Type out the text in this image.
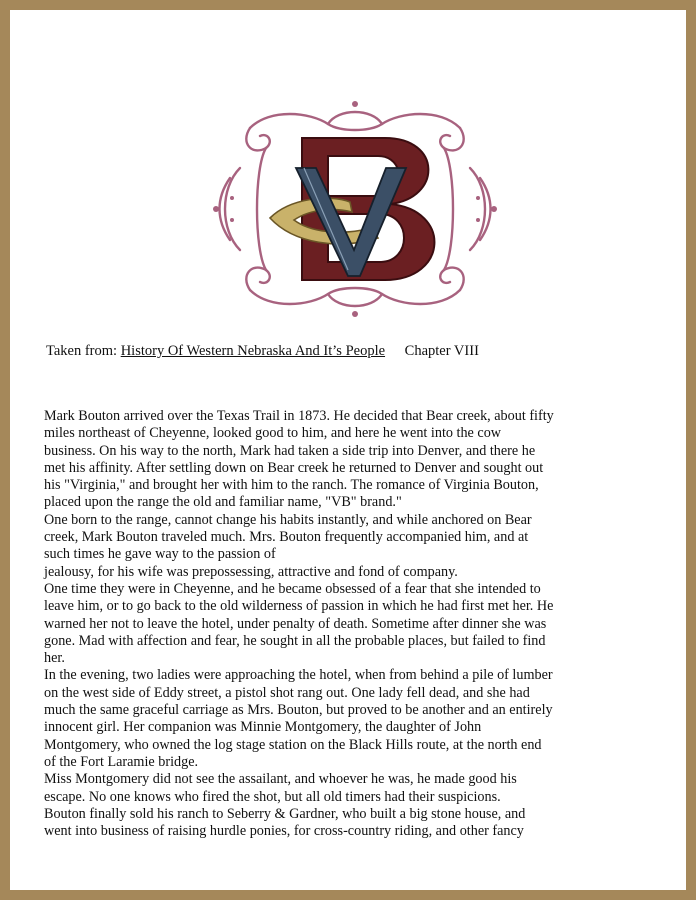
Taken from: History Of Western Nebraska And It’s People Chapter VIII
Mark Bouton arrived over the Texas Trail in 1873. He decided that Bear creek, about fifty
miles northeast of Cheyenne, looked good to him, and here he went into the cow
business. On his way to the north, Mark had taken a side trip into Denver, and there he
met his affinity. After settling down on Bear creek he returned to Denver and sought out
his "Virginia," and brought her with him to the ranch. The romance of Virginia Bouton,
placed upon the range the old and familiar name, "VB" brand."
One born to the range, cannot change his habits instantly, and while anchored on Bear
creek, Mark Bouton traveled much. Mrs. Bouton frequently accompanied him, and at
such times he gave way to the passion of
jealousy, for his wife was prepossessing, attractive and fond of company.
One time they were in Cheyenne, and he became obsessed of a fear that she intended to
leave him, or to go back to the old wilderness of passion in which he had first met her. He
warned her not to leave the hotel, under penalty of death. Sometime after dinner she was
gone. Mad with affection and fear, he sought in all the probable places, but failed to find
her.
In the evening, two ladies were approaching the hotel, when from behind a pile of lumber
on the west side of Eddy street, a pistol shot rang out. One lady fell dead, and she had
much the same graceful carriage as Mrs. Bouton, but proved to be another and an entirely
innocent girl. Her companion was Minnie Montgomery, the daughter of John
Montgomery, who owned the log stage station on the Black Hills route, at the north end
of the Fort Laramie bridge.
Miss Montgomery did not see the assailant, and whoever he was, he made good his
escape. No one knows who fired the shot, but all old timers had their suspicions.
Bouton finally sold his ranch to Seberry & Gardner, who built a big stone house, and
went into business of raising hurdle ponies, for cross-country riding, and other fancy
